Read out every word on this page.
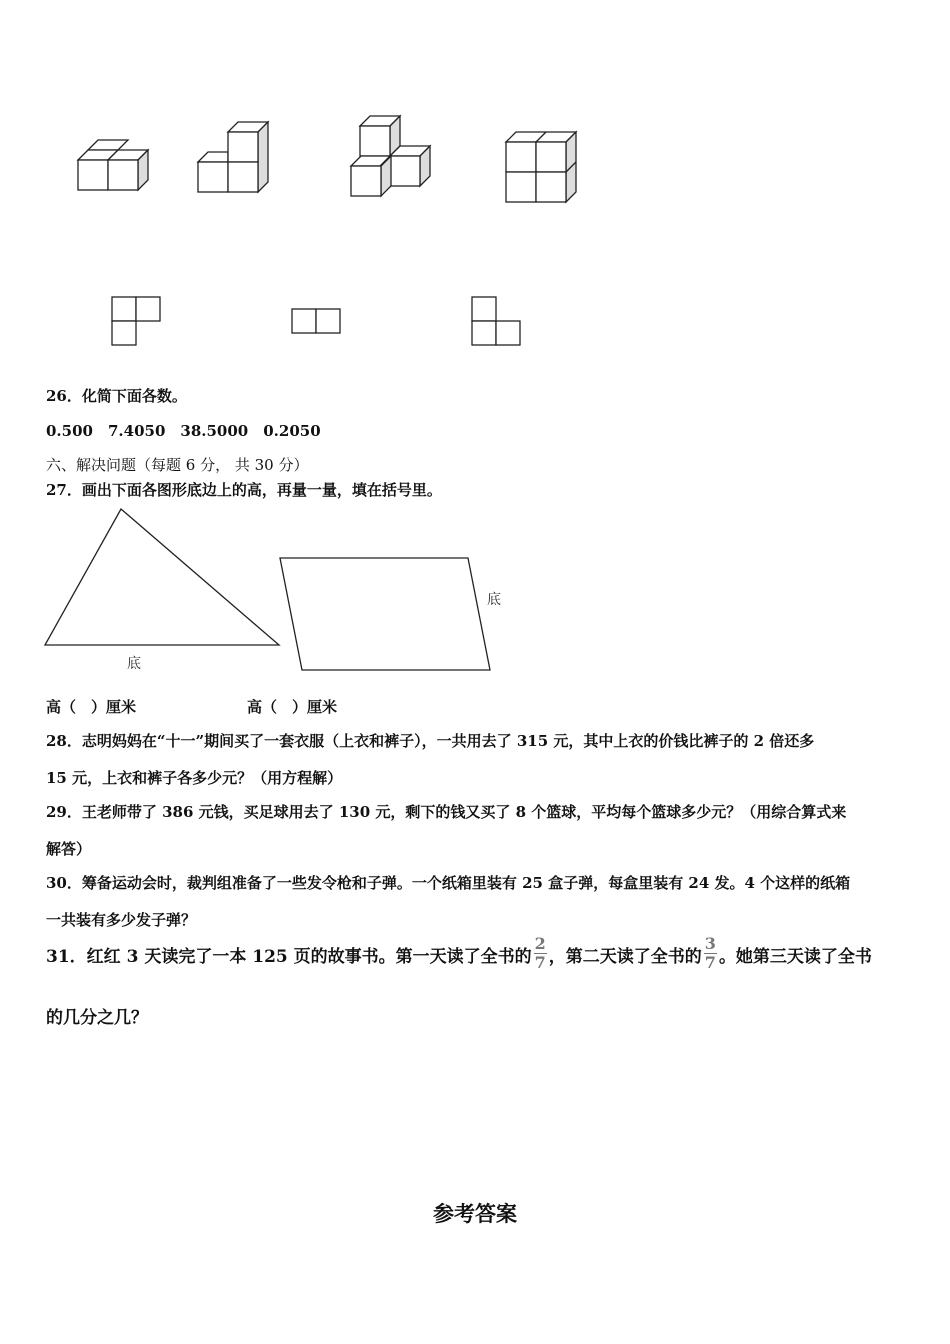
26．化简下面各数。
0.500　7.4050　38.5000　0.2050
六、解决问题（每题 6 分， 共 30 分）
27．画出下面各图形底边上的高，再量一量，填在括号里。
底
底
高（　）厘米	高（　）厘米
28．志明妈妈在“十一”期间买了一套衣服（上衣和裤子），一共用去了 315 元，其中上衣的价钱比裤子的 2 倍还多
15 元，上衣和裤子各多少元？（用方程解）
29．王老师带了 386 元钱，买足球用去了 130 元，剩下的钱又买了 8 个篮球，平均每个篮球多少元？（用综合算式来
解答）
30．筹备运动会时，裁判组准备了一些发令枪和子弹。一个纸箱里装有 25 盒子弹，每盒里装有 24 发。4 个这样的纸箱
一共装有多少发子弹？
31．红红 3 天读完了一本 125 页的故事书。第一天读了全书的 $\frac{2}{7}$ ，第二天读了全书的 $\frac{3}{7}$ 。她第三天读了全书
的几分之几？
参考答案
